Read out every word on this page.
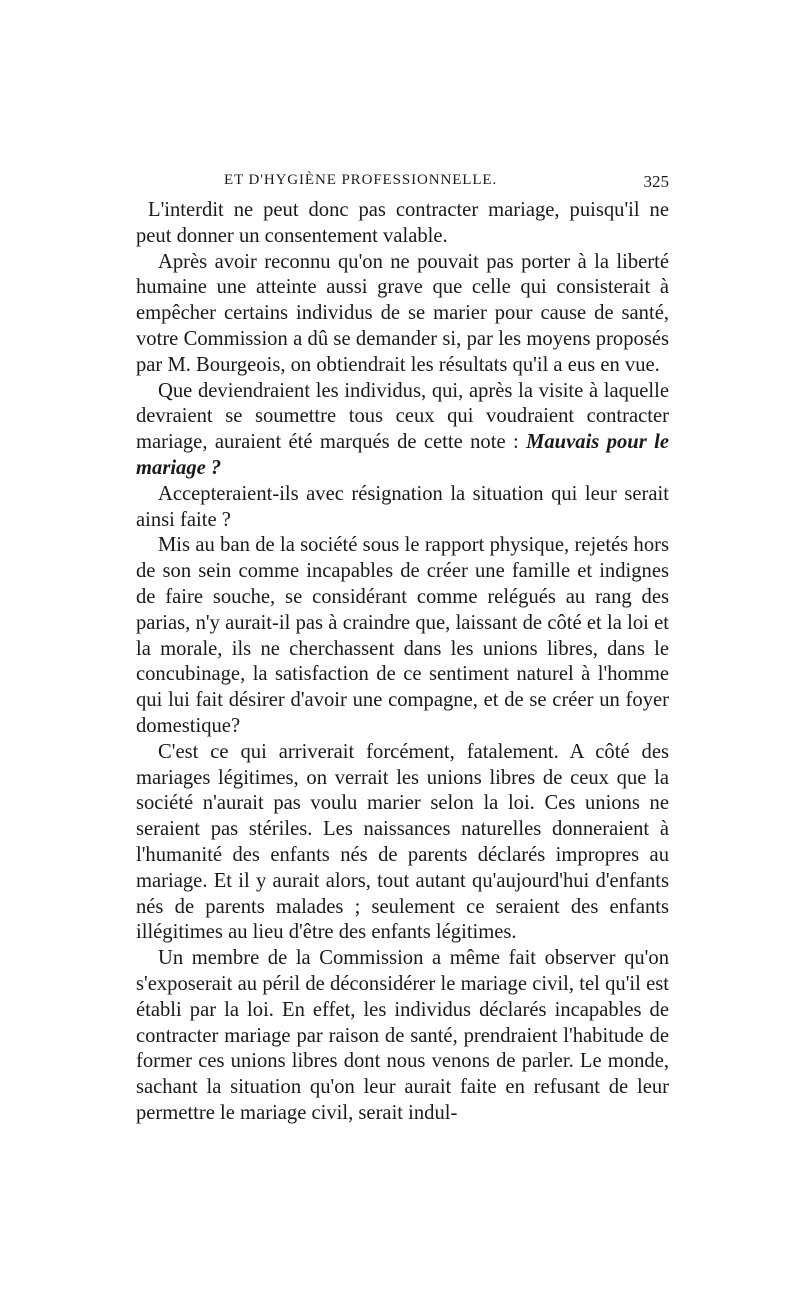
ET D'HYGIÈNE PROFESSIONNELLE.	325

L'interdit ne peut donc pas contracter mariage, puisqu'il ne peut donner un consentement valable.

Après avoir reconnu qu'on ne pouvait pas porter à la liberté humaine une atteinte aussi grave que celle qui consisterait à empêcher certains individus de se marier pour cause de santé, votre Commission a dû se demander si, par les moyens proposés par M. Bourgeois, on obtiendrait les résultats qu'il a eus en vue.

Que deviendraient les individus, qui, après la visite à laquelle devraient se soumettre tous ceux qui voudraient contracter mariage, auraient été marqués de cette note : Mauvais pour le mariage ?

Accepteraient-ils avec résignation la situation qui leur serait ainsi faite ?

Mis au ban de la société sous le rapport physique, rejetés hors de son sein comme incapables de créer une famille et indignes de faire souche, se considérant comme relégués au rang des parias, n'y aurait-il pas à craindre que, laissant de côté et la loi et la morale, ils ne cherchassent dans les unions libres, dans le concubinage, la satisfaction de ce sentiment naturel à l'homme qui lui fait désirer d'avoir une compagne, et de se créer un foyer domestique?

C'est ce qui arriverait forcément, fatalement. A côté des mariages légitimes, on verrait les unions libres de ceux que la société n'aurait pas voulu marier selon la loi. Ces unions ne seraient pas stériles. Les naissances naturelles donneraient à l'humanité des enfants nés de parents déclarés impropres au mariage. Et il y aurait alors, tout autant qu'aujourd'hui d'enfants nés de parents malades ; seulement ce seraient des enfants illégitimes au lieu d'être des enfants légitimes.

Un membre de la Commission a même fait observer qu'on s'exposerait au péril de déconsidérer le mariage civil, tel qu'il est établi par la loi. En effet, les individus déclarés incapables de contracter mariage par raison de santé, prendraient l'habitude de former ces unions libres dont nous venons de parler. Le monde, sachant la situation qu'on leur aurait faite en refusant de leur permettre le mariage civil, serait indul-
